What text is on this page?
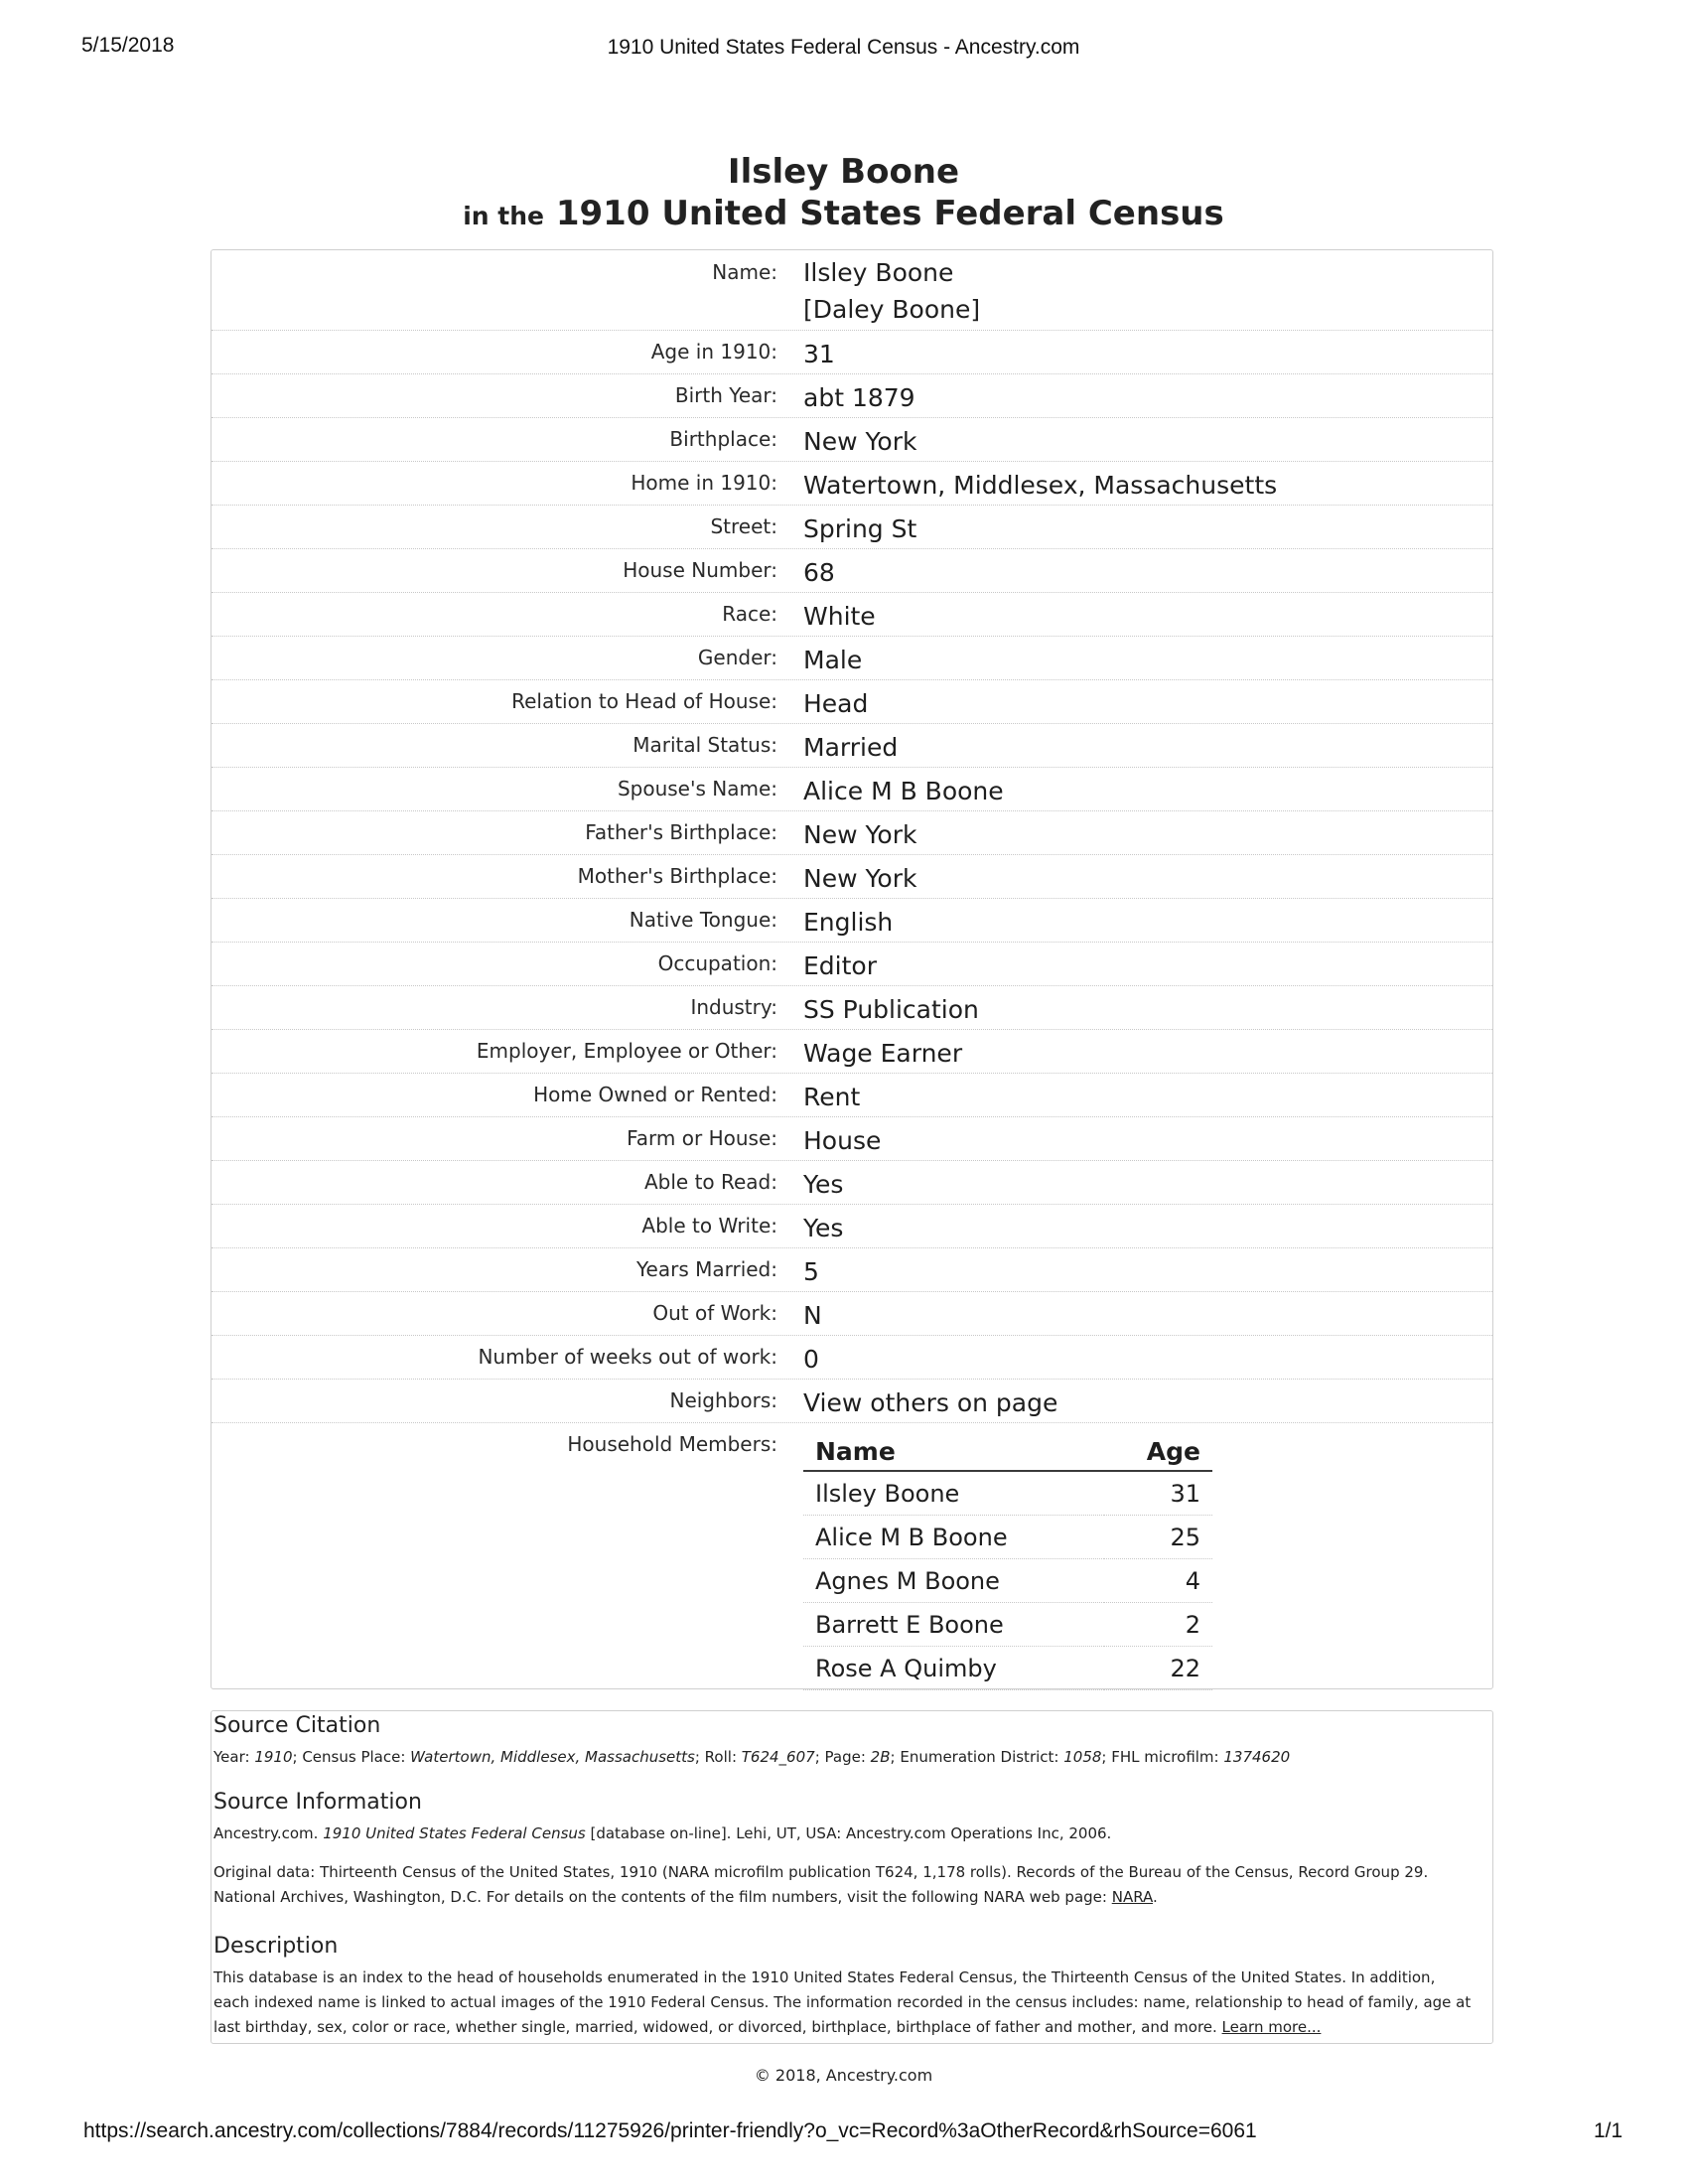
5/15/2018	1910 United States Federal Census - Ancestry.com
Ilsley Boone
in the 1910 United States Federal Census
Name: Ilsley Boone
[Daley Boone]
Age in 1910: 31
Birth Year: abt 1879
Birthplace: New York
Home in 1910: Watertown, Middlesex, Massachusetts
Street: Spring St
House Number: 68
Race: White
Gender: Male
Relation to Head of House: Head
Marital Status: Married
Spouse's Name: Alice M B Boone
Father's Birthplace: New York
Mother's Birthplace: New York
Native Tongue: English
Occupation: Editor
Industry: SS Publication
Employer, Employee or Other: Wage Earner
Home Owned or Rented: Rent
Farm or House: House
Able to Read: Yes
Able to Write: Yes
Years Married: 5
Out of Work: N
Number of weeks out of work: 0
Neighbors: View others on page
Household Members: Name	Age
Ilsley Boone	31
Alice M B Boone	25
Agnes M Boone	4
Barrett E Boone	2
Rose A Quimby	22
Source Citation
Year: 1910; Census Place: Watertown, Middlesex, Massachusetts; Roll: T624_607; Page: 2B; Enumeration District: 1058; FHL microfilm: 1374620
Source Information
Ancestry.com. 1910 United States Federal Census [database on-line]. Lehi, UT, USA: Ancestry.com Operations Inc, 2006.
Original data: Thirteenth Census of the United States, 1910 (NARA microfilm publication T624, 1,178 rolls). Records of the Bureau of the Census, Record Group 29. National Archives, Washington, D.C. For details on the contents of the film numbers, visit the following NARA web page: NARA.
Description
This database is an index to the head of households enumerated in the 1910 United States Federal Census, the Thirteenth Census of the United States. In addition, each indexed name is linked to actual images of the 1910 Federal Census. The information recorded in the census includes: name, relationship to head of family, age at last birthday, sex, color or race, whether single, married, widowed, or divorced, birthplace, birthplace of father and mother, and more. Learn more...
© 2018, Ancestry.com
https://search.ancestry.com/collections/7884/records/11275926/printer-friendly?o_vc=Record%3aOtherRecord&rhSource=6061	1/1
